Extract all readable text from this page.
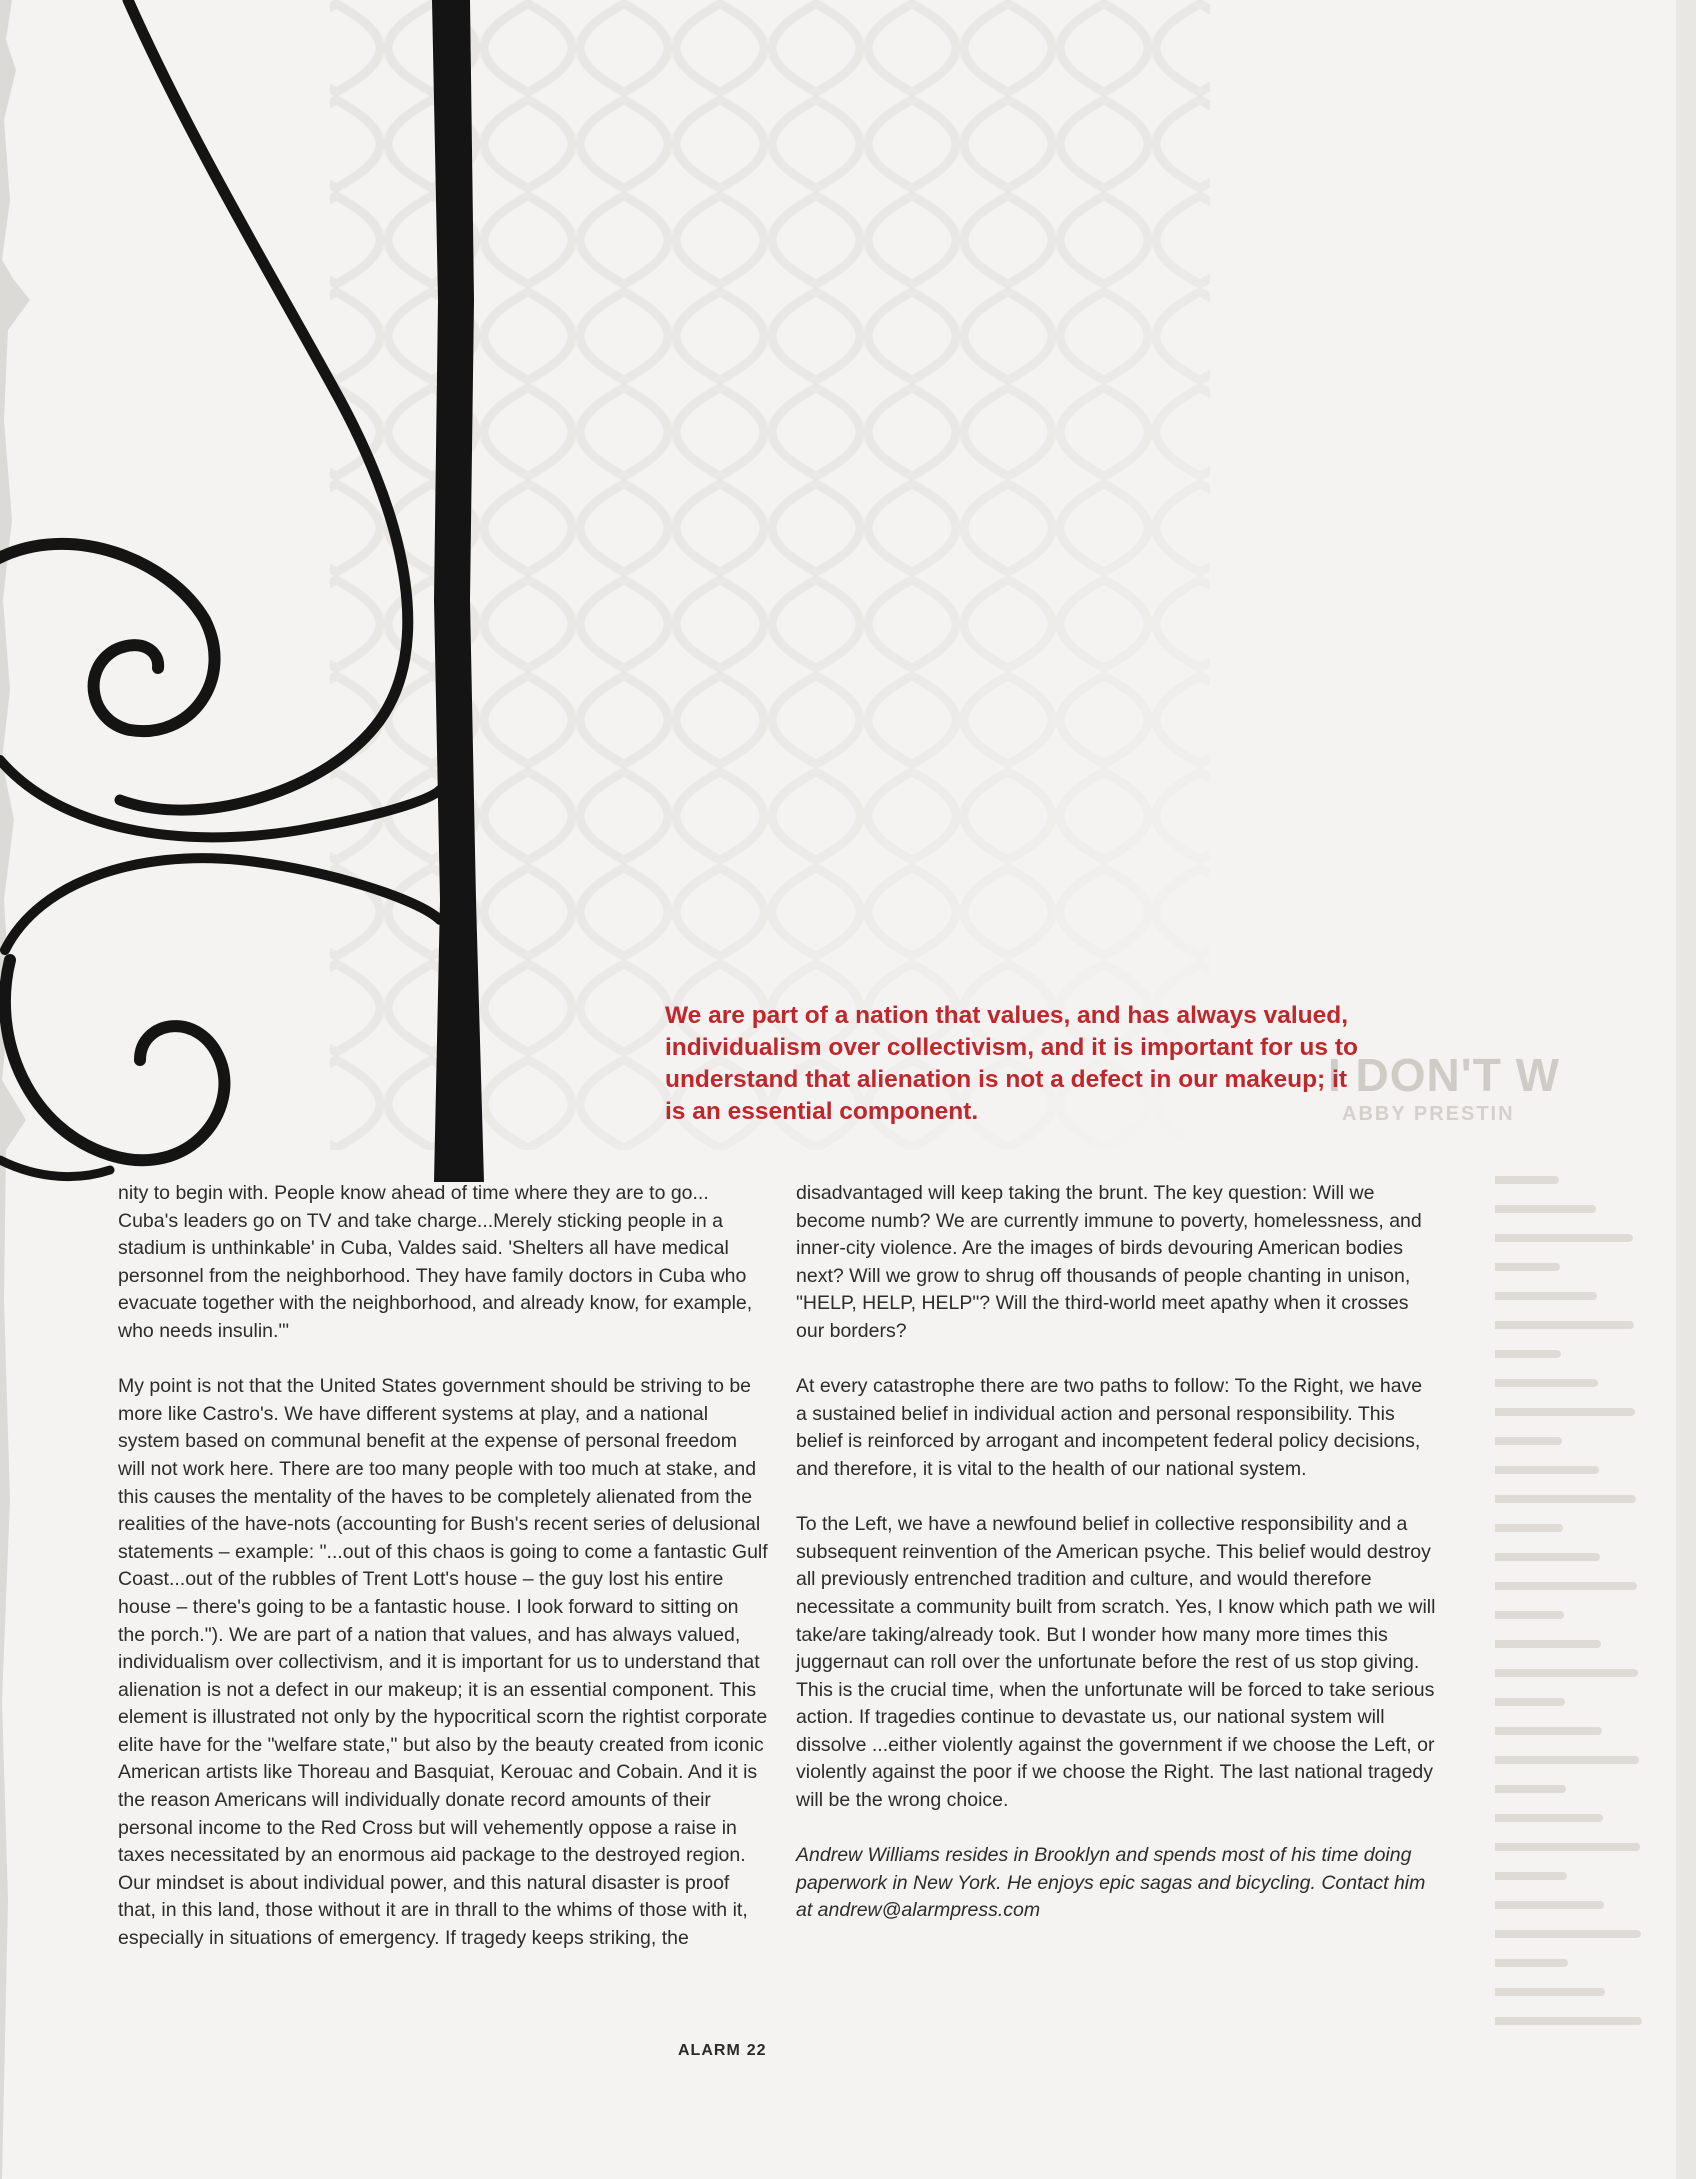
I DON'T W
ABBY PRESTIN

We are part of a nation that values, and has always valued, individualism over collectivism, and it is important for us to understand that alienation is not a defect in our makeup; it is an essential component.

nity to begin with. People know ahead of time where they are to go... Cuba's leaders go on TV and take charge...Merely sticking people in a stadium is unthinkable' in Cuba, Valdes said. 'Shelters all have medical personnel from the neighborhood. They have family doctors in Cuba who evacuate together with the neighborhood, and already know, for example, who needs insulin.'"

My point is not that the United States government should be striving to be more like Castro's. We have different systems at play, and a national system based on communal benefit at the expense of personal freedom will not work here. There are too many people with too much at stake, and this causes the mentality of the haves to be completely alienated from the realities of the have-nots (accounting for Bush's recent series of delusional statements – example: "...out of this chaos is going to come a fantastic Gulf Coast...out of the rubbles of Trent Lott's house – the guy lost his entire house – there's going to be a fantastic house. I look forward to sitting on the porch."). We are part of a nation that values, and has always valued, individualism over collectivism, and it is important for us to understand that alienation is not a defect in our makeup; it is an essential component. This element is illustrated not only by the hypocritical scorn the rightist corporate elite have for the "welfare state," but also by the beauty created from iconic American artists like Thoreau and Basquiat, Kerouac and Cobain. And it is the reason Americans will individually donate record amounts of their personal income to the Red Cross but will vehemently oppose a raise in taxes necessitated by an enormous aid package to the destroyed region. Our mindset is about individual power, and this natural disaster is proof that, in this land, those without it are in thrall to the whims of those with it, especially in situations of emergency. If tragedy keeps striking, the

disadvantaged will keep taking the brunt. The key question: Will we become numb? We are currently immune to poverty, homelessness, and inner-city violence. Are the images of birds devouring American bodies next? Will we grow to shrug off thousands of people chanting in unison, "HELP, HELP, HELP"? Will the third-world meet apathy when it crosses our borders?

At every catastrophe there are two paths to follow: To the Right, we have a sustained belief in individual action and personal responsibility. This belief is reinforced by arrogant and incompetent federal policy decisions, and therefore, it is vital to the health of our national system.

To the Left, we have a newfound belief in collective responsibility and a subsequent reinvention of the American psyche. This belief would destroy all previously entrenched tradition and culture, and would therefore necessitate a community built from scratch. Yes, I know which path we will take/are taking/already took. But I wonder how many more times this juggernaut can roll over the unfortunate before the rest of us stop giving. This is the crucial time, when the unfortunate will be forced to take serious action. If tragedies continue to devastate us, our national system will dissolve ...either violently against the government if we choose the Left, or violently against the poor if we choose the Right. The last national tragedy will be the wrong choice.

Andrew Williams resides in Brooklyn and spends most of his time doing paperwork in New York. He enjoys epic sagas and bicycling. Contact him at andrew@alarmpress.com

ALARM 22
